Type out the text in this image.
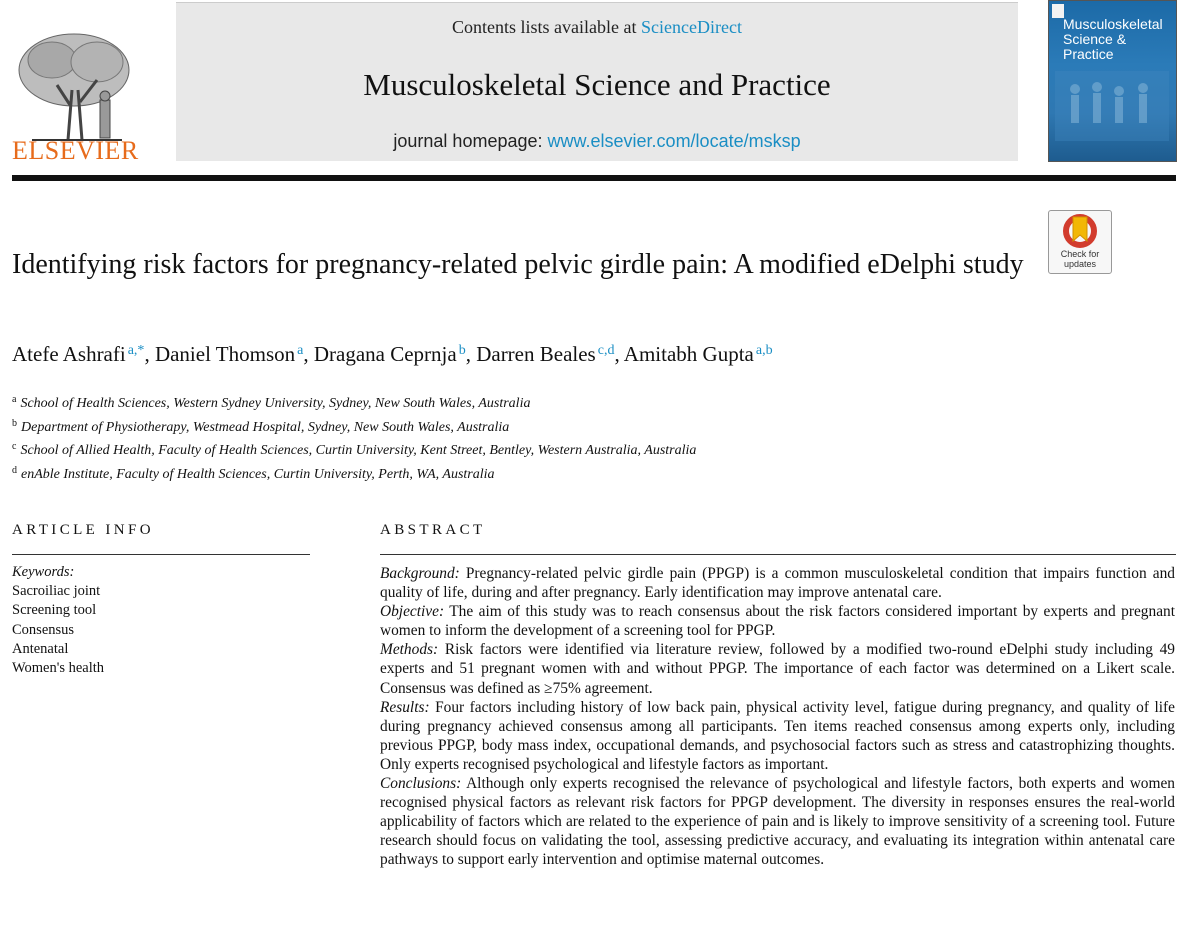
ELSEVIER
Contents lists available at ScienceDirect
Musculoskeletal Science and Practice
journal homepage: www.elsevier.com/locate/msksp
Musculoskeletal Science & Practice
Check for
updates
Identifying risk factors for pregnancy-related pelvic girdle pain: A modified eDelphi study
Atefe Ashrafi $^{a,*}$, Daniel Thomson $^a$, Dragana Ceprnja $^b$, Darren Beales $^{c,d}$, Amitabh Gupta $^{a,b}$
$^a$ School of Health Sciences, Western Sydney University, Sydney, New South Wales, Australia
$^b$ Department of Physiotherapy, Westmead Hospital, Sydney, New South Wales, Australia
$^c$ School of Allied Health, Faculty of Health Sciences, Curtin University, Kent Street, Bentley, Western Australia, Australia
$^d$ enAble Institute, Faculty of Health Sciences, Curtin University, Perth, WA, Australia
ARTICLE INFO
Keywords:
Sacroiliac joint
Screening tool
Consensus
Antenatal
Women's health
ABSTRACT

Background: Pregnancy-related pelvic girdle pain (PPGP) is a common musculoskeletal condition that impairs function and quality of life, during and after pregnancy. Early identification may improve antenatal care.

Objective: The aim of this study was to reach consensus about the risk factors considered important by experts and pregnant women to inform the development of a screening tool for PPGP.

Methods: Risk factors were identified via literature review, followed by a modified two-round eDelphi study including 49 experts and 51 pregnant women with and without PPGP. The importance of each factor was determined on a Likert scale. Consensus was defined as ≥75% agreement.

Results: Four factors including history of low back pain, physical activity level, fatigue during pregnancy, and quality of life during pregnancy achieved consensus among all participants. Ten items reached consensus among experts only, including previous PPGP, body mass index, occupational demands, and psychosocial factors such as stress and catastrophizing thoughts. Only experts recognised psychological and lifestyle factors as important.

Conclusions: Although only experts recognised the relevance of psychological and lifestyle factors, both experts and women recognised physical factors as relevant risk factors for PPGP development. The diversity in responses ensures the real-world applicability of factors which are related to the experience of pain and is likely to improve sensitivity of a screening tool. Future research should focus on validating the tool, assessing predictive accuracy, and evaluating its integration within antenatal care pathways to support early intervention and optimise maternal outcomes.
